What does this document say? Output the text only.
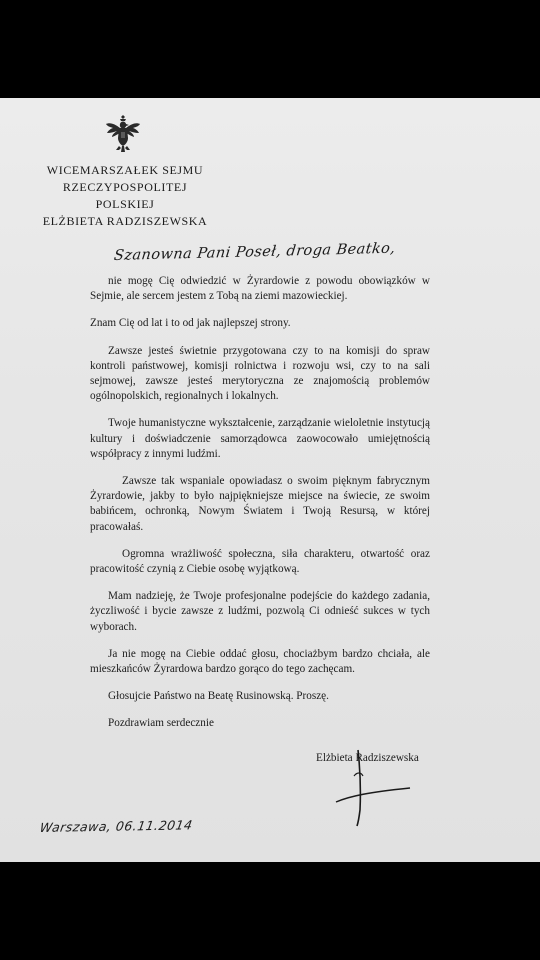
WICEMARSZAŁEK SEJMU
RZECZYPOSPOLITEJ POLSKIEJ
ELŻBIETA RADZISZEWSKA
Szanowna Pani Poseł, droga Beatko,

nie mogę Cię odwiedzić w Żyrardowie z powodu obowiązków w Sejmie, ale sercem jestem z Tobą na ziemi mazowieckiej.

Znam Cię od lat i to od jak najlepszej strony.

Zawsze jesteś świetnie przygotowana czy to na komisji do spraw kontroli państwowej, komisji rolnictwa i rozwoju wsi, czy to na sali sejmowej, zawsze jesteś merytoryczna ze znajomością problemów ogólnopolskich, regionalnych i lokalnych.

Twoje humanistyczne wykształcenie, zarządzanie wieloletnie instytucją kultury i doświadczenie samorządowca zaowocowało umiejętnością współpracy z innymi ludźmi.

Zawsze tak wspaniale opowiadasz o swoim pięknym fabrycznym Żyrardowie, jakby to było najpiękniejsze miejsce na świecie, ze swoim babińcem, ochronką, Nowym Światem i Twoją Resursą, w której pracowałaś.

Ogromna wrażliwość społeczna, siła charakteru, otwartość oraz pracowitość czynią z Ciebie osobę wyjątkową.

Mam nadzieję, że Twoje profesjonalne podejście do każdego zadania, życzliwość i bycie zawsze z ludźmi, pozwolą Ci odnieść sukces w tych wyborach.

Ja nie mogę na Ciebie oddać głosu, chociażbym bardzo chciała, ale mieszkańców Żyrardowa bardzo gorąco do tego zachęcam.

Głosujcie Państwo na Beatę Rusinowską. Proszę.

Pozdrawiam serdecznie

Elżbieta Radziszewska
Warszawa, 06.11.2014
